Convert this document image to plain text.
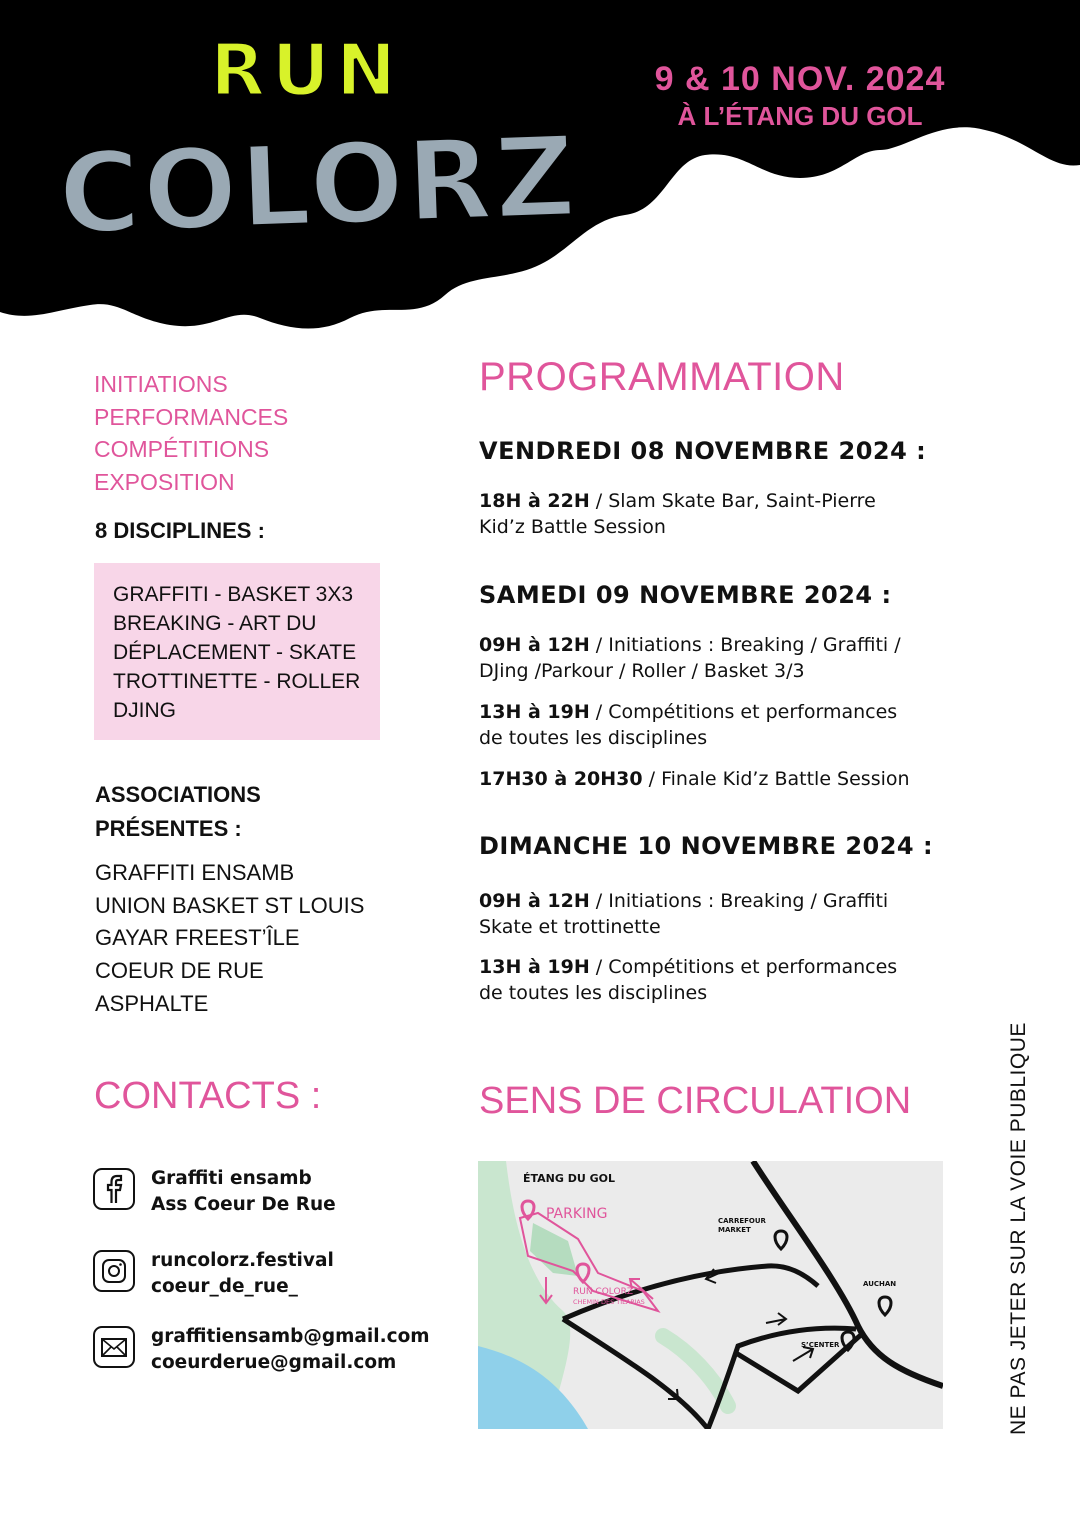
RUN
COLORZ
9 & 10 NOV. 2024
À L’ÉTANG DU GOL
INITIATIONS
PERFORMANCES
COMPÉTITIONS
EXPOSITION
8 DISCIPLINES :
GRAFFITI - BASKET 3X3
BREAKING - ART DU
DÉPLACEMENT - SKATE
TROTTINETTE - ROLLER
DJING
ASSOCIATIONS
PRÉSENTES :
GRAFFITI ENSAMB
UNION BASKET ST LOUIS
GAYAR FREEST’ÎLE
COEUR DE RUE
ASPHALTE
CONTACTS :
Graffiti ensamb
Ass Coeur De Rue
runcolorz.festival
coeur_de_rue_
graffitiensamb@gmail.com
coeurderue@gmail.com
PROGRAMMATION
VENDREDI 08 NOVEMBRE 2024 :
18H à 22H / Slam Skate Bar, Saint-Pierre
Kid’z Battle Session
SAMEDI 09 NOVEMBRE 2024 :
09H à 12H / Initiations : Breaking / Graffiti /
DJing /Parkour / Roller / Basket 3/3
13H à 19H / Compétitions et performances
de toutes les disciplines
17H30 à 20H30 / Finale Kid’z Battle Session
DIMANCHE 10 NOVEMBRE 2024 :
09H à 12H / Initiations : Breaking / Graffiti
Skate et trottinette
13H à 19H / Compétitions et performances
de toutes les disciplines
SENS DE CIRCULATION
ÉTANG DU GOL
PARKING	CARREFOUR
MARKET
AUCHAN
S’CENTER
RUN COLORZ
CHEMIN DES TILAPIAS	NE PAS JETER SUR LA VOIE PUBLIQUE
